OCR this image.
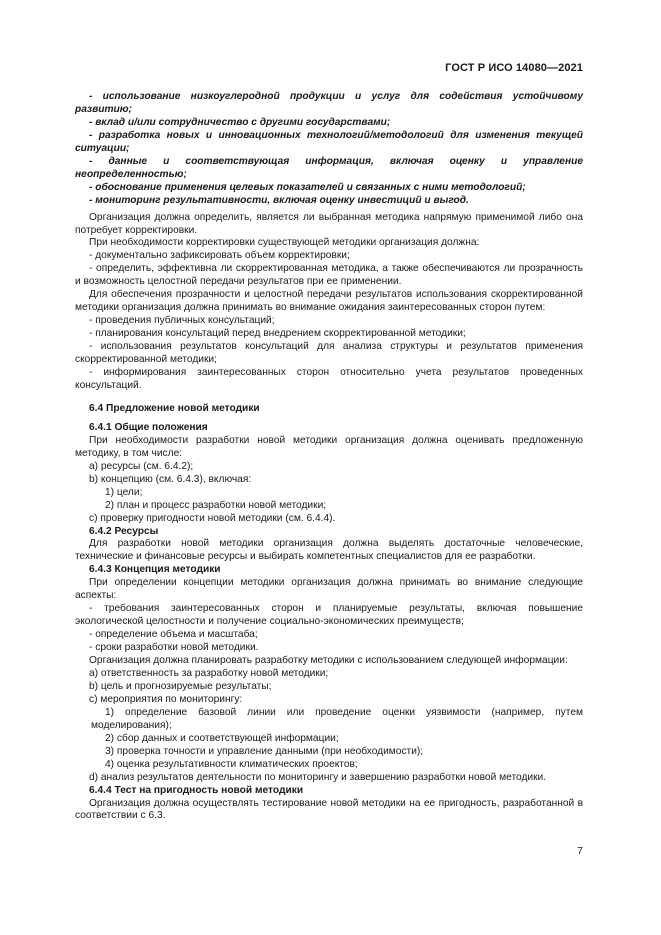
ГОСТ Р ИСО 14080—2021

- использование низкоуглеродной продукции и услуг для содействия устойчивому развитию;

- вклад и/или сотрудничество с другими государствами;

- разработка новых и инновационных технологий/методологий для изменения текущей ситуации;

- данные и соответствующая информация, включая оценку и управление неопределенностью;

- обоснование применения целевых показателей и связанных с ними методологий;

- мониторинг результативности, включая оценку инвестиций и выгод.

Организация должна определить, является ли выбранная методика напрямую применимой либо она потребует корректировки.

При необходимости корректировки существующей методики организация должна:

- документально зафиксировать объем корректировки;

- определить, эффективна ли скорректированная методика, а также обеспечиваются ли прозрачность и возможность целостной передачи результатов при ее применении.

Для обеспечения прозрачности и целостной передачи результатов использования скорректированной методики организация должна принимать во внимание ожидания заинтересованных сторон путем:

- проведения публичных консультаций;

- планирования консультаций перед внедрением скорректированной методики;

- использования результатов консультаций для анализа структуры и результатов применения скорректированной методики;

- информирования заинтересованных сторон относительно учета результатов проведенных консультаций.

6.4 Предложение новой методики

6.4.1 Общие положения

При необходимости разработки новой методики организация должна оценивать предложенную методику, в том числе:

a) ресурсы (см. 6.4.2);

b) концепцию (см. 6.4.3), включая:

1) цели;

2) план и процесс разработки новой методики;

c) проверку пригодности новой методики (см. 6.4.4).

6.4.2 Ресурсы

Для разработки новой методики организация должна выделять достаточные человеческие, технические и финансовые ресурсы и выбирать компетентных специалистов для ее разработки.

6.4.3 Концепция методики

При определении концепции методики организация должна принимать во внимание следующие аспекты:

- требования заинтересованных сторон и планируемые результаты, включая повышение экологической целостности и получение социально-экономических преимуществ;

- определение объема и масштаба;

- сроки разработки новой методики.

Организация должна планировать разработку методики с использованием следующей информации:

a) ответственность за разработку новой методики;

b) цель и прогнозируемые результаты;

c) мероприятия по мониторингу:

1) определение базовой линии или проведение оценки уязвимости (например, путем моделирования);

2) сбор данных и соответствующей информации;

3) проверка точности и управление данными (при необходимости);

4) оценка результативности климатических проектов;

d) анализ результатов деятельности по мониторингу и завершению разработки новой методики.

6.4.4 Тест на пригодность новой методики

Организация должна осуществлять тестирование новой методики на ее пригодность, разработанной в соответствии с 6.3.

7
